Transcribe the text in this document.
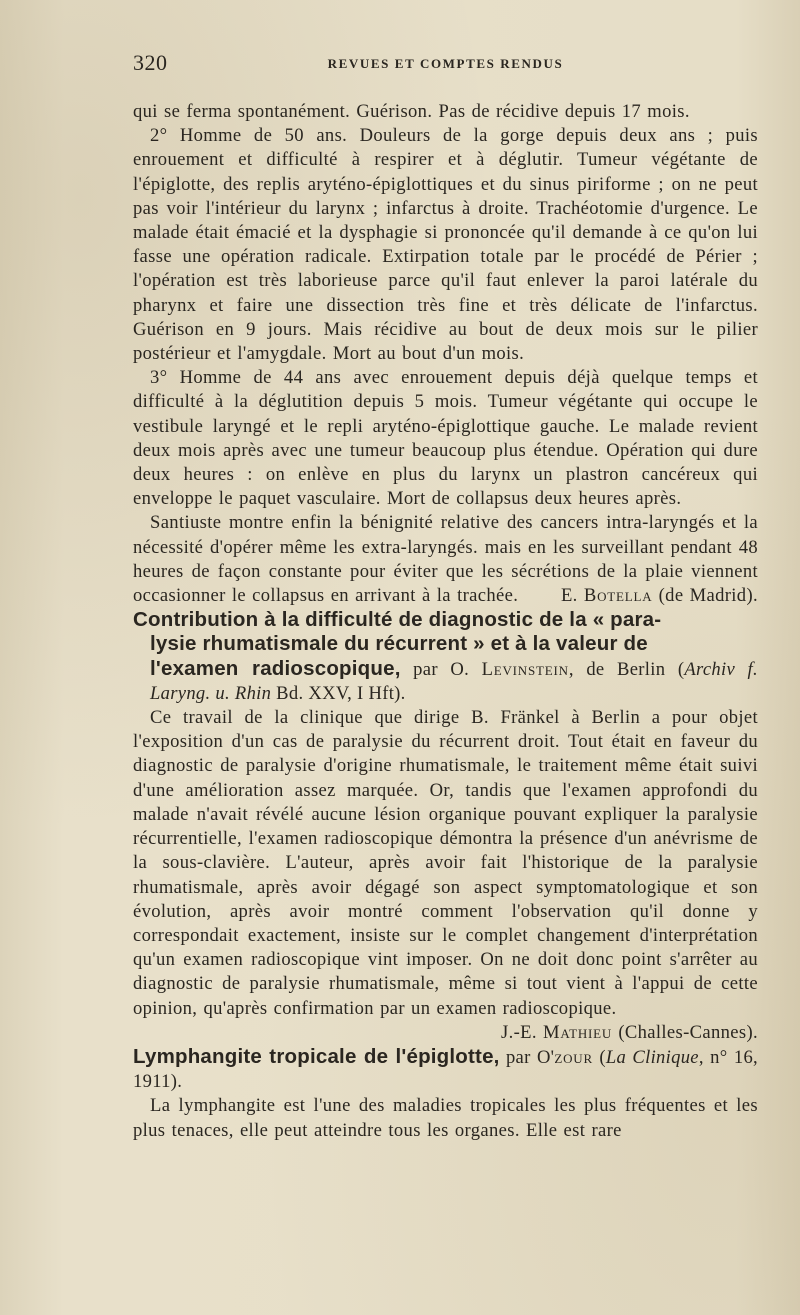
320	REVUES ET COMPTES RENDUS

qui se ferma spontanément. Guérison. Pas de récidive depuis 17 mois.

2° Homme de 50 ans. Douleurs de la gorge depuis deux ans ; puis enrouement et difficulté à respirer et à déglutir. Tumeur végétante de l'épiglotte, des replis aryténo-épiglottiques et du sinus piriforme ; on ne peut pas voir l'intérieur du larynx ; infarctus à droite. Trachéotomie d'urgence. Le malade était émacié et la dysphagie si prononcée qu'il demande à ce qu'on lui fasse une opération radicale. Extirpation totale par le procédé de Périer ; l'opération est très laborieuse parce qu'il faut enlever la paroi latérale du pharynx et faire une dissection très fine et très délicate de l'infarctus. Guérison en 9 jours. Mais récidive au bout de deux mois sur le pilier postérieur et l'amygdale. Mort au bout d'un mois.

3° Homme de 44 ans avec enrouement depuis déjà quelque temps et difficulté à la déglutition depuis 5 mois. Tumeur végétante qui occupe le vestibule laryngé et le repli aryténo-épiglottique gauche. Le malade revient deux mois après avec une tumeur beaucoup plus étendue. Opération qui dure deux heures : on enlève en plus du larynx un plastron cancéreux qui enveloppe le paquet vasculaire. Mort de collapsus deux heures après.

Santiuste montre enfin la bénignité relative des cancers intra-laryngés et la nécessité d'opérer même les extra-laryngés. mais en les surveillant pendant 48 heures de façon constante pour éviter que les sécrétions de la plaie viennent occasionner le collapsus en arrivant à la trachée.	E. Botella (de Madrid).

Contribution à la difficulté de diagnostic de la « para-
lysie rhumatismale du récurrent » et à la valeur de
l'examen radioscopique, par O. Levinstein, de Berlin (Archiv f. Laryng. u. Rhin Bd. XXV, I Hft).

Ce travail de la clinique que dirige B. Fränkel à Berlin a pour objet l'exposition d'un cas de paralysie du récurrent droit. Tout était en faveur du diagnostic de paralysie d'origine rhumatismale, le traitement même était suivi d'une amélioration assez marquée. Or, tandis que l'examen approfondi du malade n'avait révélé aucune lésion organique pouvant expliquer la paralysie récurrentielle, l'examen radioscopique démontra la présence d'un anévrisme de la sous-clavière. L'auteur, après avoir fait l'historique de la paralysie rhumatismale, après avoir dégagé son aspect symptomatologique et son évolution, après avoir montré comment l'observation qu'il donne y correspondait exactement, insiste sur le complet changement d'interprétation qu'un examen radioscopique vint imposer. On ne doit donc point s'arrêter au diagnostic de paralysie rhumatismale, même si tout vient à l'appui de cette opinion, qu'après confirmation par un examen radioscopique.
J.-E. Mathieu (Challes-Cannes).

Lymphangite tropicale de l'épiglotte, par O'zour (La Clinique, n° 16, 1911).

La lymphangite est l'une des maladies tropicales les plus fréquentes et les plus tenaces, elle peut atteindre tous les organes. Elle est rare
